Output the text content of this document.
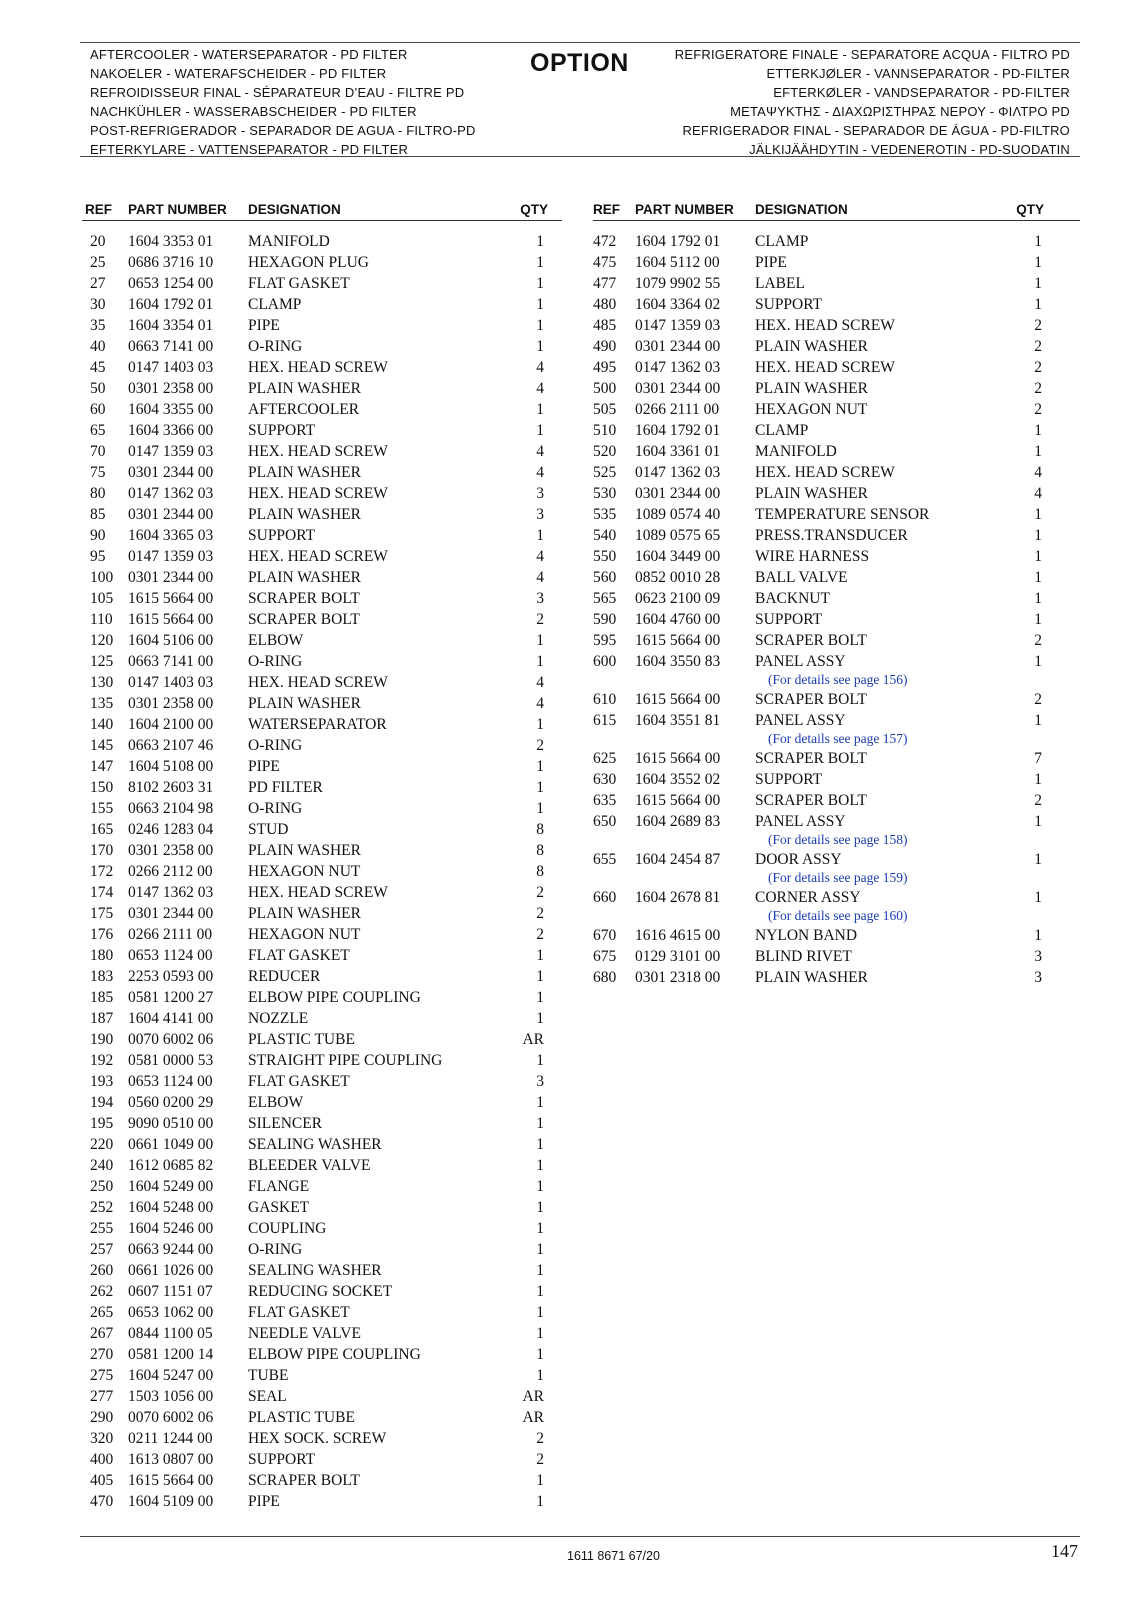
AFTERCOOLER - WATERSEPARATOR - PD FILTER
NAKOELER - WATERAFSCHEIDER - PD FILTER
REFROIDISSEUR FINAL - SÉPARATEUR D’EAU - FILTRE PD
NACHKÜHLER - WASSERABSCHEIDER - PD FILTER
POST-REFRIGERADOR - SEPARADOR DE AGUA - FILTRO-PD
EFTERKYLARE - VATTENSEPARATOR - PD FILTER
OPTION	REFRIGERATORE FINALE - SEPARATORE ACQUA - FILTRO PD
ETTERKJØLER - VANNSEPARATOR - PD-FILTER
EFTERKØLER - VANDSEPARATOR - PD-FILTER
ΜΕΤΑΨΥΚΤΗΣ - ΔΙΑΧΩΡΙΣΤΗΡΑΣ ΝΕΡΟΥ - ΦΙΛΤΡΟ PD
REFRIGERADOR FINAL - SEPARADOR DE ÁGUA - PD-FILTRO
JÄLKIJÄÄHDYTIN - VEDENEROTIN - PD-SUODATIN
REF PART NUMBER DESIGNATION	QTY
20 1604 3353 01 MANIFOLD	1
25 0686 3716 10 HEXAGON PLUG	1
27 0653 1254 00 FLAT GASKET	1
30 1604 1792 01 CLAMP	1
35 1604 3354 01 PIPE	1
40 0663 7141 00 O-RING	1
45 0147 1403 03 HEX. HEAD SCREW	4
50 0301 2358 00 PLAIN WASHER	4
60 1604 3355 00 AFTERCOOLER	1
65 1604 3366 00 SUPPORT	1
70 0147 1359 03 HEX. HEAD SCREW	4
75 0301 2344 00 PLAIN WASHER	4
80 0147 1362 03 HEX. HEAD SCREW	3
85 0301 2344 00 PLAIN WASHER	3
90 1604 3365 03 SUPPORT	1
95 0147 1359 03 HEX. HEAD SCREW	4
100 0301 2344 00 PLAIN WASHER	4
105 1615 5664 00 SCRAPER BOLT	3
110 1615 5664 00 SCRAPER BOLT	2
120 1604 5106 00 ELBOW	1
125 0663 7141 00 O-RING	1
130 0147 1403 03 HEX. HEAD SCREW	4
135 0301 2358 00 PLAIN WASHER	4
140 1604 2100 00 WATERSEPARATOR	1
145 0663 2107 46 O-RING	2
147 1604 5108 00 PIPE	1
150 8102 2603 31 PD FILTER	1
155 0663 2104 98 O-RING	1
165 0246 1283 04 STUD	8
170 0301 2358 00 PLAIN WASHER	8
172 0266 2112 00 HEXAGON NUT	8
174 0147 1362 03 HEX. HEAD SCREW	2
175 0301 2344 00 PLAIN WASHER	2
176 0266 2111 00 HEXAGON NUT	2
180 0653 1124 00 FLAT GASKET	1
183 2253 0593 00 REDUCER	1
185 0581 1200 27 ELBOW PIPE COUPLING	1
187 1604 4141 00 NOZZLE	1
190 0070 6002 06 PLASTIC TUBE	AR
192 0581 0000 53 STRAIGHT PIPE COUPLING	1
193 0653 1124 00 FLAT GASKET	3
194 0560 0200 29 ELBOW	1
195 9090 0510 00 SILENCER	1
220 0661 1049 00 SEALING WASHER	1
240 1612 0685 82 BLEEDER VALVE	1
250 1604 5249 00 FLANGE	1
252 1604 5248 00 GASKET	1
255 1604 5246 00 COUPLING	1
257 0663 9244 00 O-RING	1
260 0661 1026 00 SEALING WASHER	1
262 0607 1151 07 REDUCING SOCKET	1
265 0653 1062 00 FLAT GASKET	1
267 0844 1100 05 NEEDLE VALVE	1
270 0581 1200 14 ELBOW PIPE COUPLING	1
275 1604 5247 00 TUBE	1
277 1503 1056 00 SEAL	AR
290 0070 6002 06 PLASTIC TUBE	AR
320 0211 1244 00 HEX SOCK. SCREW	2
400 1613 0807 00 SUPPORT	2
405 1615 5664 00 SCRAPER BOLT	1
470 1604 5109 00 PIPE	1
REF PART NUMBER DESIGNATION	QTY
472 1604 1792 01 CLAMP	1
475 1604 5112 00 PIPE	1
477 1079 9902 55 LABEL	1
480 1604 3364 02 SUPPORT	1
485 0147 1359 03 HEX. HEAD SCREW	2
490 0301 2344 00 PLAIN WASHER	2
495 0147 1362 03 HEX. HEAD SCREW	2
500 0301 2344 00 PLAIN WASHER	2
505 0266 2111 00 HEXAGON NUT	2
510 1604 1792 01 CLAMP	1
520 1604 3361 01 MANIFOLD	1
525 0147 1362 03 HEX. HEAD SCREW	4
530 0301 2344 00 PLAIN WASHER	4
535 1089 0574 40 TEMPERATURE SENSOR	1
540 1089 0575 65 PRESS.TRANSDUCER	1
550 1604 3449 00 WIRE HARNESS	1
560 0852 0010 28 BALL VALVE	1
565 0623 2100 09 BACKNUT	1
590 1604 4760 00 SUPPORT	1
595 1615 5664 00 SCRAPER BOLT	2
600 1604 3550 83 PANEL ASSY	1
(For details see page 156)
610 1615 5664 00 SCRAPER BOLT	2
615 1604 3551 81 PANEL ASSY	1
(For details see page 157)
625 1615 5664 00 SCRAPER BOLT	7
630 1604 3552 02 SUPPORT	1
635 1615 5664 00 SCRAPER BOLT	2
650 1604 2689 83 PANEL ASSY	1
(For details see page 158)
655 1604 2454 87 DOOR ASSY	1
(For details see page 159)
660 1604 2678 81 CORNER ASSY	1
(For details see page 160)
670 1616 4615 00 NYLON BAND	1
675 0129 3101 00 BLIND RIVET	3
680 0301 2318 00 PLAIN WASHER	3
1611 8671 67/20	147
